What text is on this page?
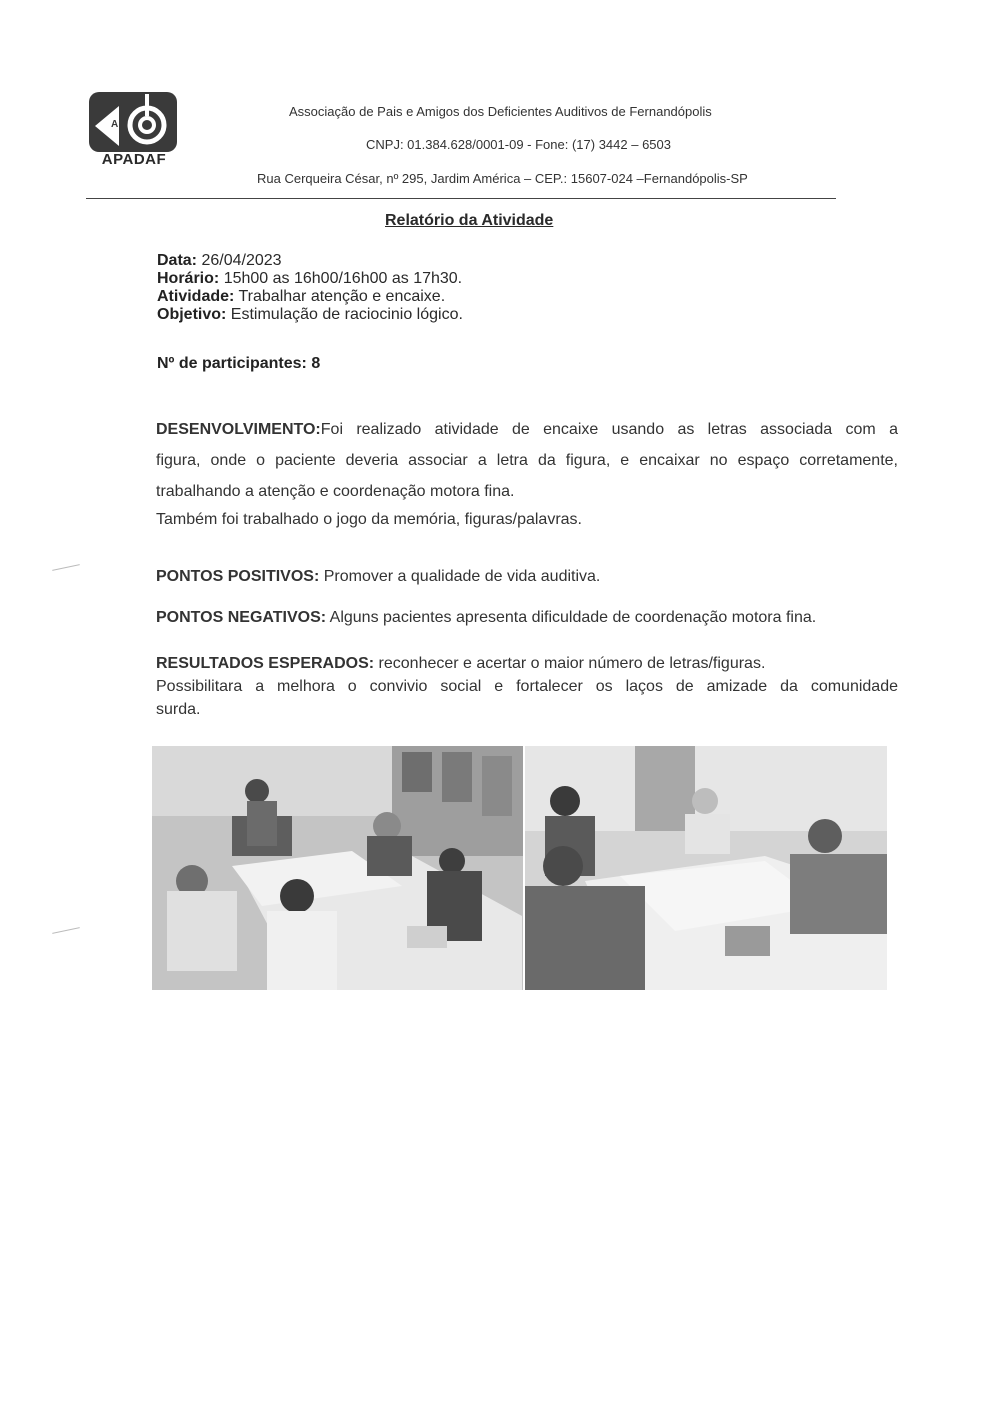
A
APADAF
Associação de Pais e Amigos dos Deficientes Auditivos de Fernandópolis
CNPJ: 01.384.628/0001-09 - Fone: (17) 3442 – 6503
Rua Cerqueira César, nº 295, Jardim América – CEP.: 15607-024 –Fernandópolis-SP
Relatório da Atividade
Data: 26/04/2023
Horário: 15h00 as 16h00/16h00 as 17h30.
Atividade: Trabalhar atenção e encaixe.
Objetivo: Estimulação de raciocinio lógico.
Nº de participantes: 8

DESENVOLVIMENTO:Foi realizado atividade de encaixe usando as letras associada com a

figura, onde o paciente deveria associar a letra da figura, e encaixar no espaço corretamente,

trabalhando a atenção e coordenação motora fina.

Também foi trabalhado o jogo da memória, figuras/palavras.

PONTOS POSITIVOS: Promover a qualidade de vida auditiva.
PONTOS NEGATIVOS: Alguns pacientes apresenta dificuldade de coordenação motora fina.

RESULTADOS ESPERADOS: reconhecer e acertar o maior número de letras/figuras.

Possibilitara a melhora o convivio social e fortalecer os laços de amizade da comunidade

surda.
